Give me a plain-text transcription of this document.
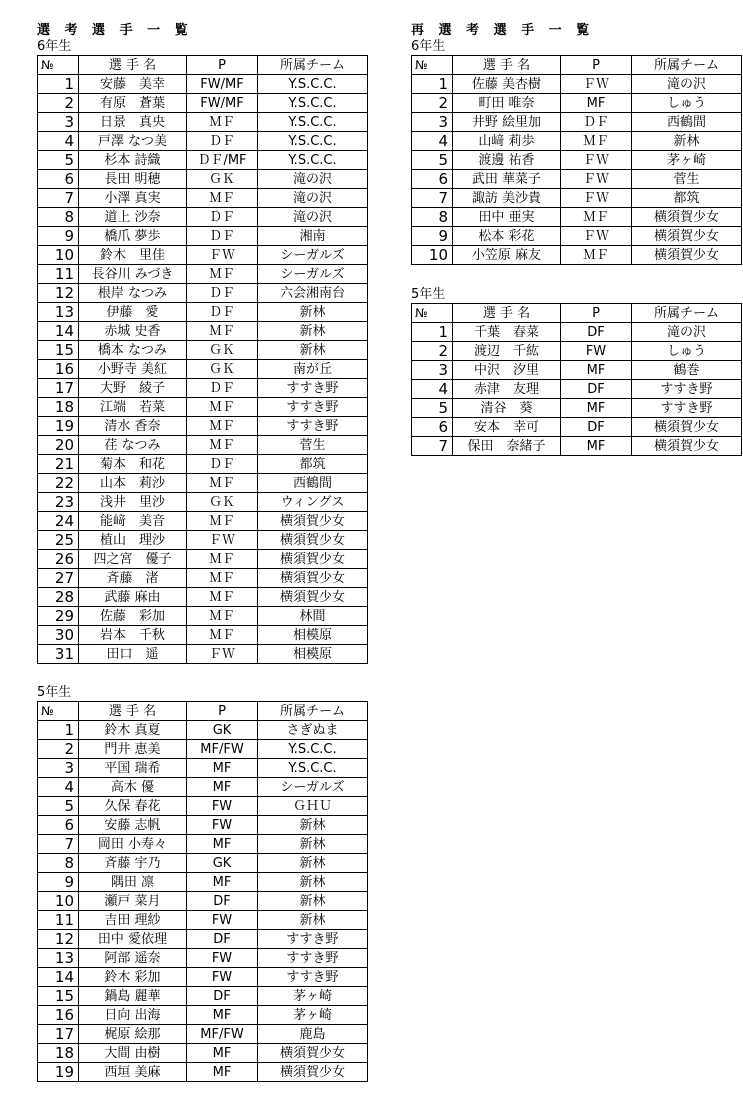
選 考 選 手 一 覧
6年生
№	選 手 名	P	所属チーム
1	安藤　美幸	FW/MF	Y.S.C.C.
2	有原　蒼葉	FW/MF	Y.S.C.C.
3	日景　真央	ＭＦ	Y.S.C.C.
4	戸澤 なつ美	ＤＦ	Y.S.C.C.
5	杉本 詩織	ＤＦ/MF	Y.S.C.C.
6	長田 明穂	ＧＫ	滝の沢
7	小澤 真実	ＭＦ	滝の沢
8	道上 沙奈	ＤＦ	滝の沢
9	橋爪 夢歩	ＤＦ	湘南
10	鈴木　里佳	ＦＷ	シーガルズ
11	長谷川 みづき	ＭＦ	シーガルズ
12	根岸 なつみ	ＤＦ	六会湘南台
13	伊藤　愛	ＤＦ	新林
14	赤城 史香	ＭＦ	新林
15	橋本 なつみ	ＧＫ	新林
16	小野寺 美紅	ＧＫ	南が丘
17	大野　綾子	ＤＦ	すすき野
18	江端　若菜	ＭＦ	すすき野
19	清水 香奈	ＭＦ	すすき野
20	荏 なつみ	ＭＦ	菅生
21	菊本　和花	ＤＦ	都筑
22	山本　莉沙	ＭＦ	西鶴間
23	浅井　里沙	ＧＫ	ウィングス
24	能﨑　美音	ＭＦ	横須賀少女
25	植山　理沙	ＦＷ	横須賀少女
26	四之宮　優子	ＭＦ	横須賀少女
27	斉藤　渚	ＭＦ	横須賀少女
28	武藤 麻由	ＭＦ	横須賀少女
29	佐藤　彩加	ＭＦ	林間
30	岩本　千秋	ＭＦ	相模原
31	田口　遥	ＦＷ	相模原
5年生
№	選 手 名	P	所属チーム
1	鈴木 真夏	GK	さぎぬま
2	門井 恵美	MF/FW	Y.S.C.C.
3	平国 瑞希	MF	Y.S.C.C.
4	高木 優	MF	シーガルズ
5	久保 春花	FW	ＧＨＵ
6	安藤 志帆	FW	新林
7	岡田 小寿々	MF	新林
8	斉藤 宇乃	GK	新林
9	隅田 凛	MF	新林
10	瀬戸 菜月	DF	新林
11	吉田 理紗	FW	新林
12	田中 愛依理	DF	すすき野
13	阿部 遥奈	FW	すすき野
14	鈴木 彩加	FW	すすき野
15	鍋島 麗華	DF	茅ヶ崎
16	日向 出海	MF	茅ヶ崎
17	梶原 絵那	MF/FW	鹿島
18	大間 由樹	MF	横須賀少女
19	西垣 美麻	MF	横須賀少女
再 選 考 選 手 一 覧
6年生
№	選 手 名	P	所属チーム
1	佐藤 美杏樹	ＦＷ	滝の沢
2	町田 唯奈	MF	しゅう
3	井野 絵里加	ＤＦ	西鶴間
4	山﨑 莉歩	ＭＦ	新林
5	渡邊 祐香	ＦＷ	茅ヶ崎
6	武田 華菜子	ＦＷ	菅生
7	諏訪 美沙貴	ＦＷ	都筑
8	田中 亜実	ＭＦ	横須賀少女
9	松本 彩花	ＦＷ	横須賀少女
10	小笠原 麻友	ＭＦ	横須賀少女
5年生
№	選 手 名	P	所属チーム
1	千葉　春菜	DF	滝の沢
2	渡辺　千紘	FW	しゅう
3	中沢　汐里	MF	鶴巻
4	赤津　友理	DF	すすき野
5	清谷　葵	MF	すすき野
6	安本　幸可	DF	横須賀少女
7	保田　奈緒子	MF	横須賀少女
